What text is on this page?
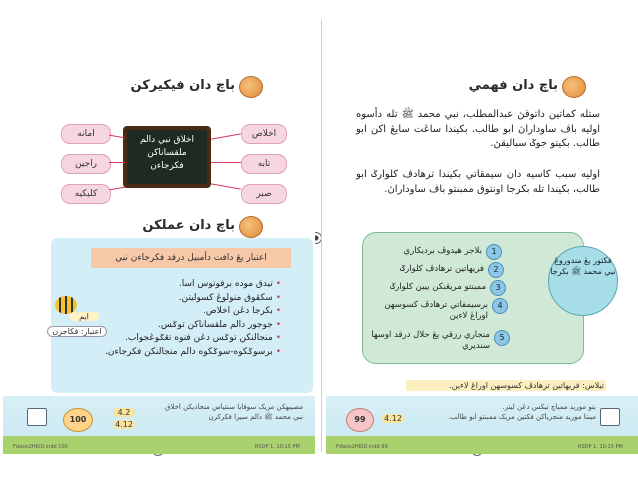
باچ دان فيکيرکن
اخلاق نبي دالم
ملقساناکن
فکرجاءن
اخلاص
تابه
صبر
امانه
راجين
کليکيه
باچ دان عملکن
اعتبار يڠ دافت دأمبيل درقد فکرجاءن نبي
• تيدق موده برفوتوس اسا.
• سکڤوق منولوڠ کسوليتن.
• بکرجا دڠن اخلاص.
• جوجور دالم ملقساناکن توݢس.
• منجالنکن توݢس دڠن فنوه تڠݢوڠجواب.
• برسوݢکوه-سوݢکوه دالم منجالنکن فکرجاءن.
ايم
اعتبار: فکاجرن
مصيبهکن مريک سوفايا سنتياس منجاديکن اخلاق
نبي محمد ﷺ دالم سيرا فکرکرن
4.2
4.12
100
Fdasis2HKiD.indd 100	RSDP 1. 10:15 PM
باچ دان فهمي
ستله کماتين داتوقڽ عبدالمطلب، نبي محمد ﷺ تله دأسوه اوليه باڤ ساوداراڽ ابو طالب. بکيندا ساڠت سايڠ اکن ابو طالب. بکيتو جوݢ سباليقڽ.
اوليه سبب کاسيه دان سيمقاتي بکيندا ترهادڤ کلوارݢ ابو طالب، بکيندا تله بکرجا اونتوق ممبنتو باڤ ساوداراڽ.
1
2
3
4
5
بلاجر هيدوڤ برديکاري
فريهاتين ترهادڤ کلوارݢ
ممبنتو مريڠنکن بيبن کلوارݢ
برسيمفاتي ترهادڤ کسوسهن اوراڠ لاءين
منجاري رزقي يڠ حلال درقد اوسها سنديري
فکتور يڠ مندوروڠ نبي محمد ﷺ بکرجا
تيلاس: فريهاتين ترهادڤ کسوسهن اوراڠ لاءين.
بتو موريد ممباچ تيکس دڠن ليتر.
مينتا موريد منجرياکن فکتين مريک ممبنتو ابو طالب.
99	4.12
Fdasis2HKiD.indd 99	RSDP 1. 10:15 PM
